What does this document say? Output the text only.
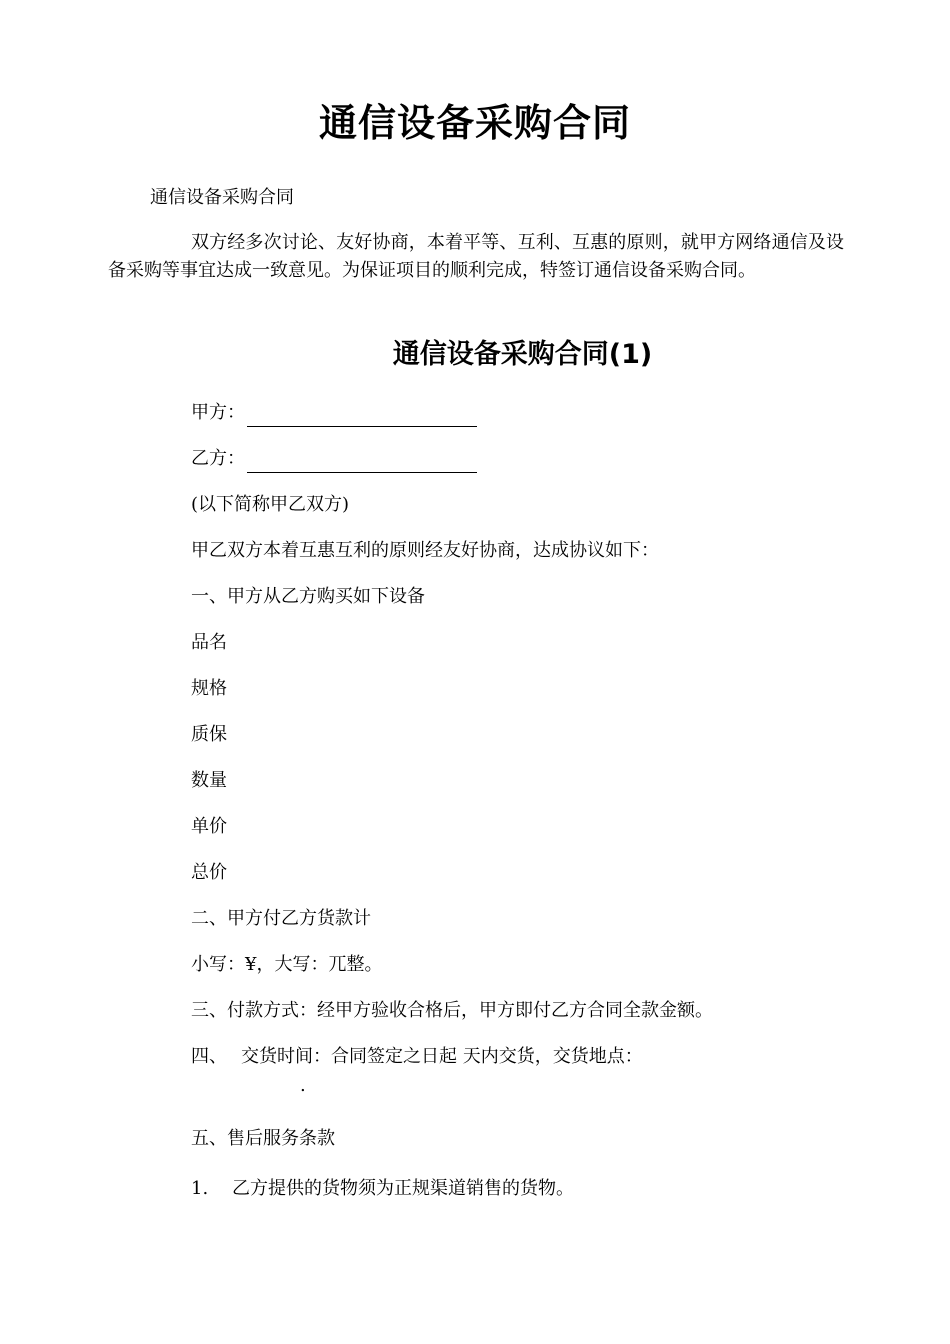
通信设备采购合同
通信设备采购合同
双方经多次讨论、友好协商，本着平等、互利、互惠的原则，就甲方网络通信及设备采购等事宜达成一致意见。为保证项目的顺利完成，特签订通信设备采购合同。
通信设备采购合同(1)
甲方：
乙方：
(以下简称甲乙双方)
甲乙双方本着互惠互利的原则经友好协商，达成协议如下：
一、甲方从乙方购买如下设备
品名
规格
质保
数量
单价
总价
二、甲方付乙方货款计
小写：¥，大写：兀整。
三、付款方式：经甲方验收合格后，甲方即付乙方合同全款金额。
四、 交货时间：合同签定之日起 天内交货，交货地点：
.
五、售后服务条款
1. 乙方提供的货物须为正规渠道销售的货物。
